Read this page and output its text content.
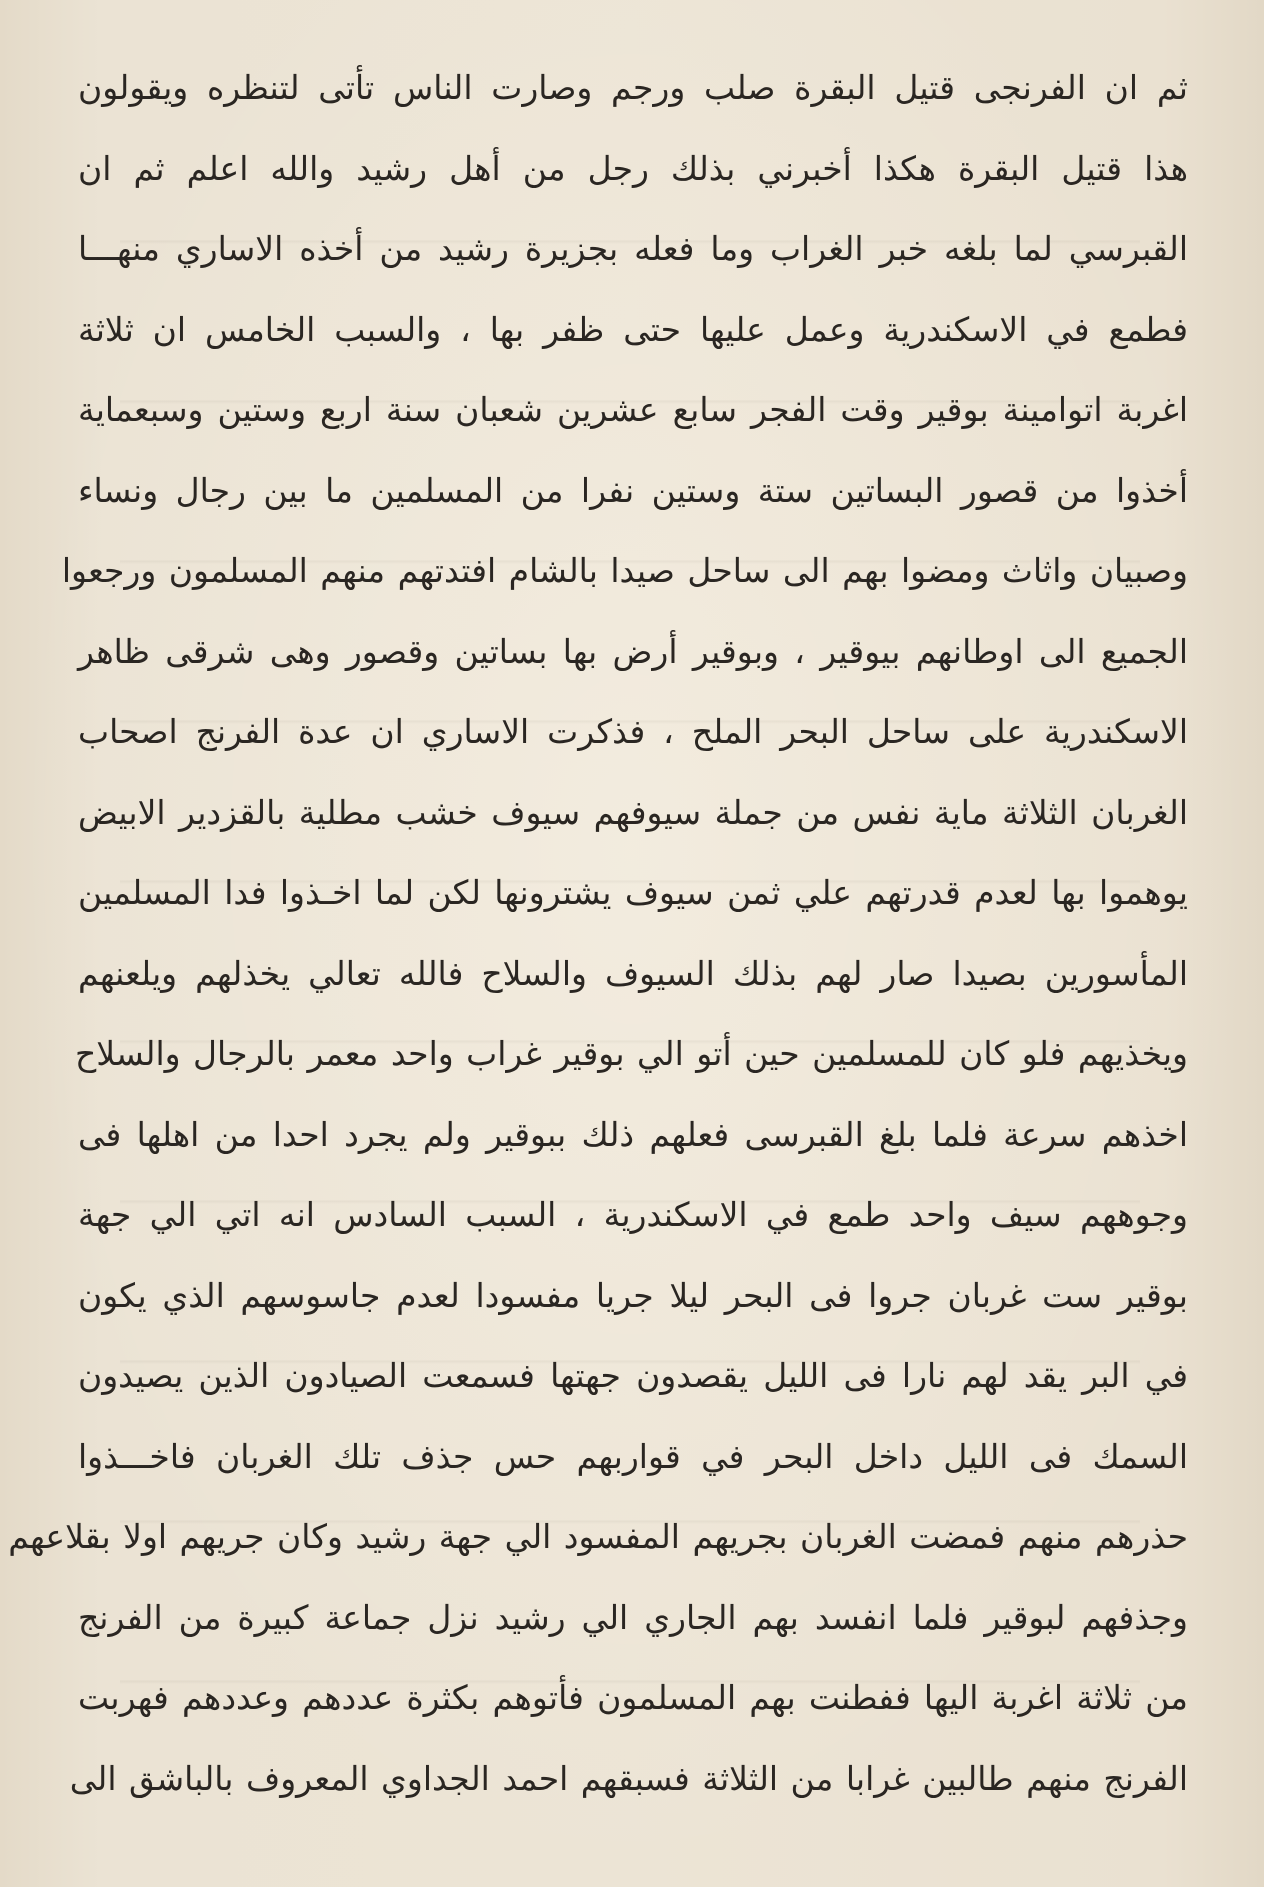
ثم ان الفرنجى قتيل البقرة صلب ورجم وصارت الناس تأتى لتنظره ويقولون
هذا قتيل البقرة هكذا أخبرني بذلك رجل من أهل رشيد والله اعلم ثم ان
القبرسي لما بلغه خبر الغراب وما فعله بجزيرة رشيد من أخذه الاساري منهـــا
فطمع في الاسكندرية وعمل عليها حتى ظفر بها ، والسبب الخامس ان ثلاثة
اغربة اتوامينة بوقير وقت الفجر سابع عشرين شعبان سنة اربع وستين وسبعماية
أخذوا من قصور البساتين ستة وستين نفرا من المسلمين ما بين رجال ونساء
وصبيان واثاث ومضوا بهم الى ساحل صيدا بالشام افتدتهم منهم المسلمون ورجعوا
الجميع الى اوطانهم بيوقير ، وبوقير أرض بها بساتين وقصور وهى شرقى ظاهر
الاسكندرية على ساحل البحر الملح ، فذكرت الاساري ان عدة الفرنج اصحاب
الغربان الثلاثة ماية نفس من جملة سيوفهم سيوف خشب مطلية بالقزدير الابيض
يوهموا بها لعدم قدرتهم علي ثمن سيوف يشترونها لكن لما اخـذوا فدا المسلمين
المأسورين بصيدا صار لهم بذلك السيوف والسلاح فالله تعالي يخذلهم ويلعنهم
ويخذيهم فلو كان للمسلمين حين أتو الي بوقير غراب واحد معمر بالرجال والسلاح
اخذهم سرعة فلما بلغ القبرسى فعلهم ذلك ببوقير ولم يجرد احدا من اهلها فى
وجوههم سيف واحد طمع في الاسكندرية ، السبب السادس انه اتي الي جهة
بوقير ست غربان جروا فى البحر ليلا جريا مفسودا لعدم جاسوسهم الذي يكون
في البر يقد لهم نارا فى الليل يقصدون جهتها فسمعت الصيادون الذين يصيدون
السمك فى الليل داخل البحر في قواربهم حس جذف تلك الغربان فاخـــذوا
حذرهم منهم فمضت الغربان بجريهم المفسود الي جهة رشيد وكان جريهم اولا بقلاعهم
وجذفهم لبوقير فلما انفسد بهم الجاري الي رشيد نزل جماعة كبيرة من الفرنج
من ثلاثة اغربة اليها ففطنت بهم المسلمون فأتوهم بكثرة عددهم وعددهم فهربت
الفرنج منهم طالبين غرابا من الثلاثة فسبقهم احمد الجداوي المعروف بالباشق الى
